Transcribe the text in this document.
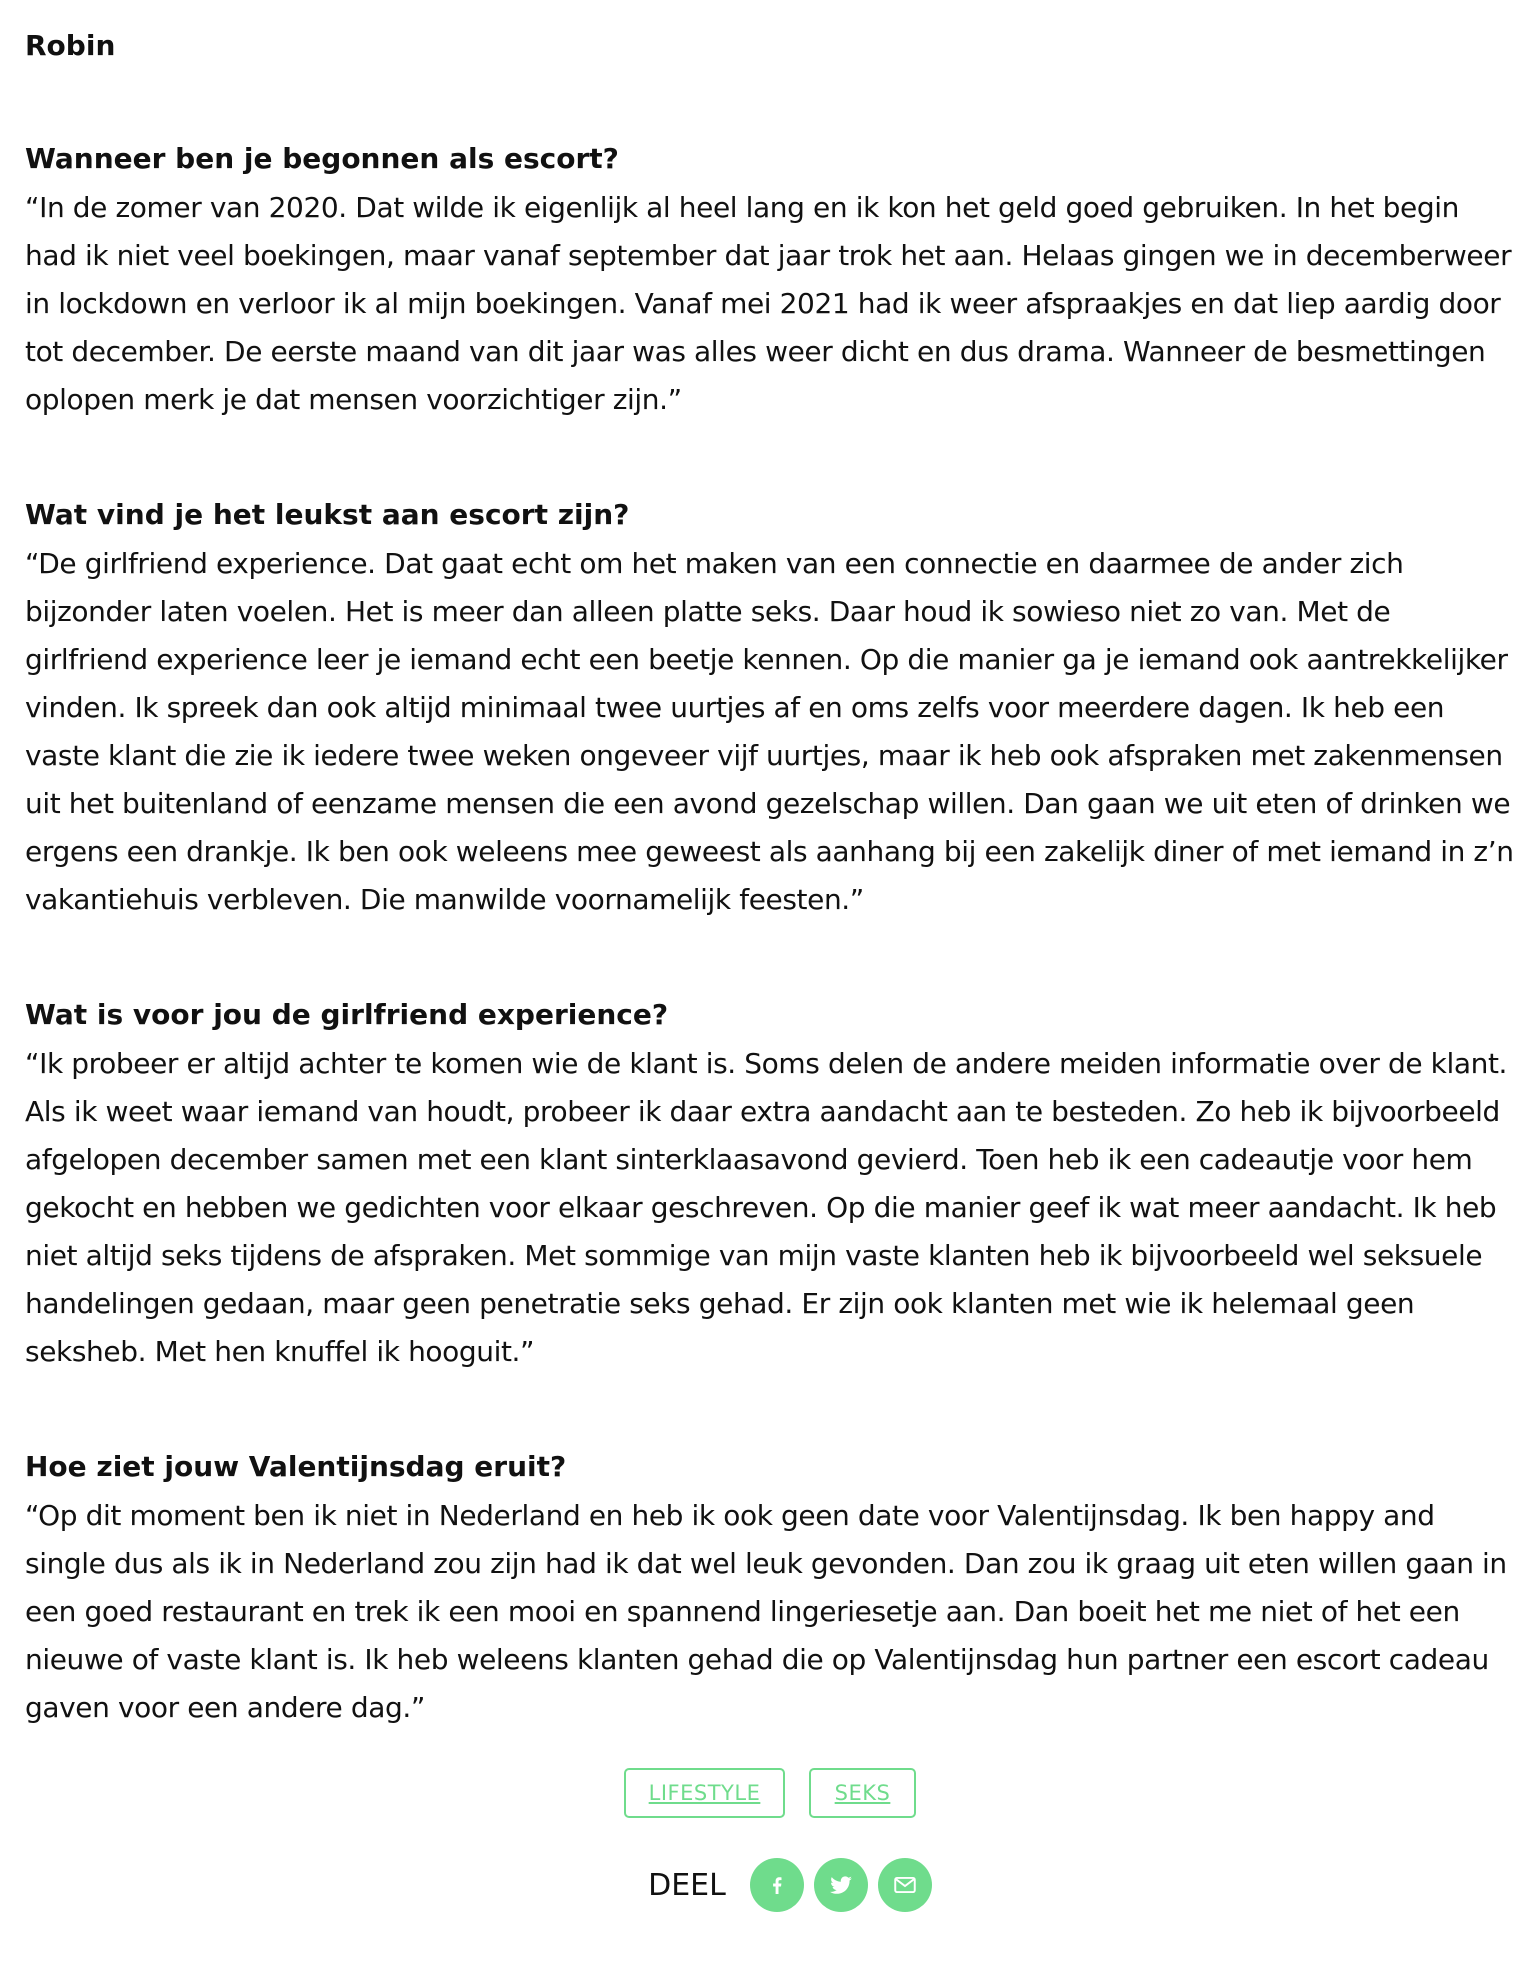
Robin

Wanneer ben je begonnen als escort?

“In de zomer van 2020. Dat wilde ik eigenlijk al heel lang en ik kon het geld goed gebruiken. In het begin had ik niet veel boekingen, maar vanaf september dat jaar trok het aan. Helaas gingen we in decemberweer in lockdown en verloor ik al mijn boekingen. Vanaf mei 2021 had ik weer afspraakjes en dat liep aardig door tot december. De eerste maand van dit jaar was alles weer dicht en dus drama. Wanneer de besmettingen oplopen merk je dat mensen voorzichtiger zijn.”

Wat vind je het leukst aan escort zijn?

“De girlfriend experience. Dat gaat echt om het maken van een connectie en daarmee de ander zich bijzonder laten voelen. Het is meer dan alleen platte seks. Daar houd ik sowieso niet zo van. Met de girlfriend experience leer je iemand echt een beetje kennen. Op die manier ga je iemand ook aantrekkelijker vinden. Ik spreek dan ook altijd minimaal twee uurtjes af en oms zelfs voor meerdere dagen. Ik heb een vaste klant die zie ik iedere twee weken ongeveer vijf uurtjes, maar ik heb ook afspraken met zakenmensen uit het buitenland of eenzame mensen die een avond gezelschap willen. Dan gaan we uit eten of drinken we ergens een drankje. Ik ben ook weleens mee geweest als aanhang bij een zakelijk diner of met iemand in z’n vakantiehuis verbleven. Die manwilde voornamelijk feesten.”

Wat is voor jou de girlfriend experience?

“Ik probeer er altijd achter te komen wie de klant is. Soms delen de andere meiden informatie over de klant. Als ik weet waar iemand van houdt, probeer ik daar extra aandacht aan te besteden. Zo heb ik bijvoorbeeld afgelopen december samen met een klant sinterklaasavond gevierd. Toen heb ik een cadeautje voor hem gekocht en hebben we gedichten voor elkaar geschreven. Op die manier geef ik wat meer aandacht. Ik heb niet altijd seks tijdens de afspraken. Met sommige van mijn vaste klanten heb ik bijvoorbeeld wel seksuele handelingen gedaan, maar geen penetratie seks gehad. Er zijn ook klanten met wie ik helemaal geen seksheb. Met hen knuffel ik hooguit.”

Hoe ziet jouw Valentijnsdag eruit?

“Op dit moment ben ik niet in Nederland en heb ik ook geen date voor Valentijnsdag. Ik ben happy and single dus als ik in Nederland zou zijn had ik dat wel leuk gevonden. Dan zou ik graag uit eten willen gaan in een goed restaurant en trek ik een mooi en spannend lingeriesetje aan. Dan boeit het me niet of het een nieuwe of vaste klant is. Ik heb weleens klanten gehad die op Valentijnsdag hun partner een escort cadeau gaven voor een andere dag.”

LIFESTYLE	SEKS
DEEL
